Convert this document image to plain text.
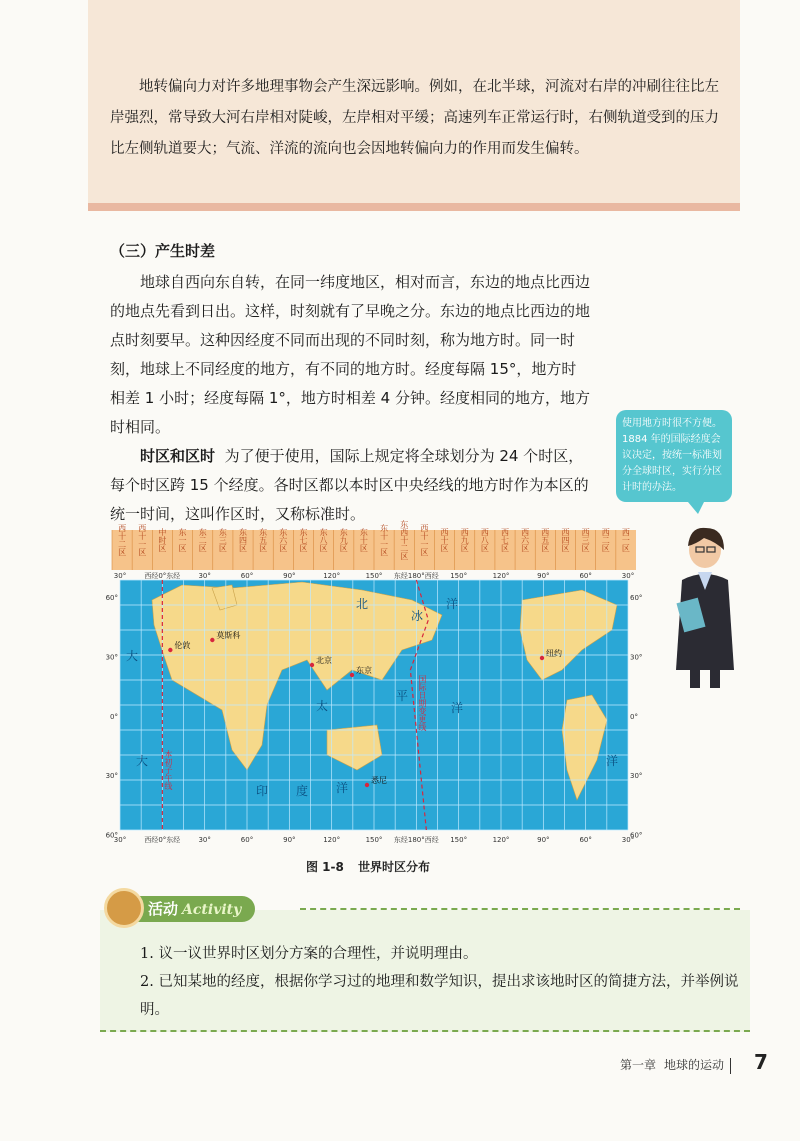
地转偏向力对许多地理事物会产生深远影响。例如，在北半球，河流对右岸的冲刷往往比左岸强烈，常导致大河右岸相对陡峻，左岸相对平缓；高速列车正常运行时，右侧轨道受到的压力比左侧轨道要大；气流、洋流的流向也会因地转偏向力的作用而发生偏转。

（三）产生时差

地球自西向东自转，在同一纬度地区，相对而言，东边的地点比西边的地点先看到日出。这样，时刻就有了早晚之分。东边的地点比西边的地点时刻要早。这种因经度不同而出现的不同时刻，称为地方时。同一时刻，地球上不同经度的地方，有不同的地方时。经度每隔 15°，地方时相差 1 小时；经度每隔 1°，地方时相差 4 分钟。经度相同的地方，地方时相同。

时区和区时 为了便于使用，国际上规定将全球划分为 24 个时区，每个时区跨 15 个经度。各时区都以本时区中央经线的地方时作为本区的统一时间，这叫作区时，又称标准时。

使用地方时很不方便。1884 年的国际经度会议决定，按统一标准划分全球时区，实行分区计时的办法。
西十二区 西十一区 中时区 东一区 东二区 东三区 东四区 东五区 东六区 东七区 东八区 东九区 东十区 东十一区 东西十二区 西十一区 西十区 西九区 西八区 西七区 西六区 西五区 西四区 西三区 西二区 西一区
30°	西经0°东经	30°	60°	90°	120°	150° 东经180°西经 150°	120°	90°	60°	30°
国际日期变更线
本初子午线
伦敦
莫斯科
北京
东京
纽约
悉尼
北
冰
洋
大
太
平
洋
印 度 洋
大	洋
60°
30°
0°
30°
60°
60°
30°
0°
30°
60°
30°	西经0°东经	30°	60°	90°	120°	150° 东经180°西经 150°	120°	90°	60°	30°
图 1-8 世界时区分布
活动 Activity

1. 议一议世界时区划分方案的合理性，并说明理由。

2. 已知某地的经度，根据你学习过的地理和数学知识，提出求该地时区的简捷方法，并举例说明。

第一章 地球的运动	7
